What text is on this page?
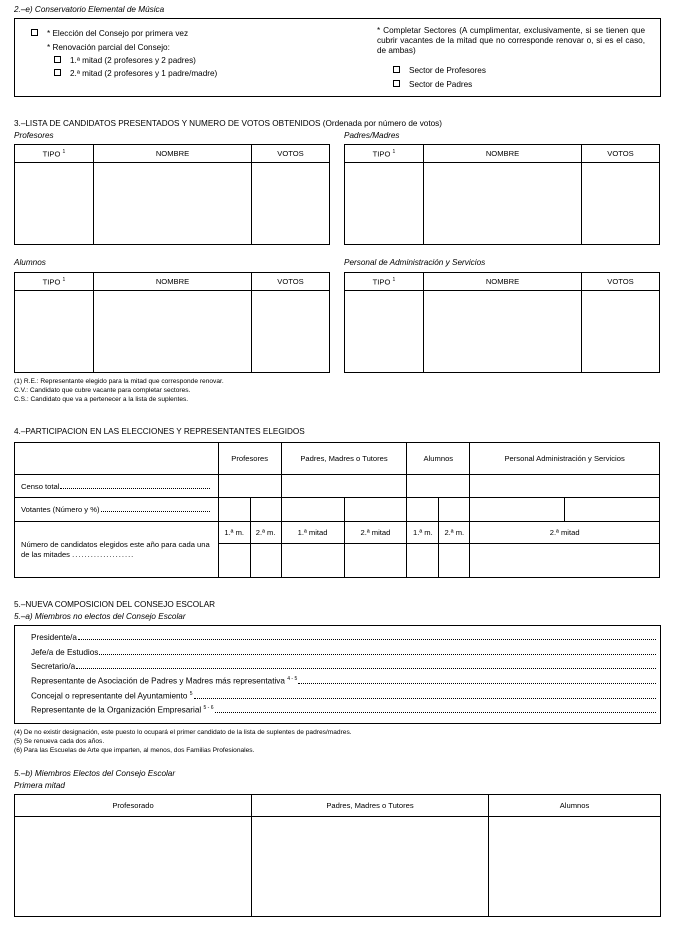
2.–e) Conservatorio Elemental de Música
* Elección del Consejo por primera vez
* Renovación parcial del Consejo:
1.ª mitad (2 profesores y 2 padres)
2.ª mitad (2 profesores y 1 padre/madre)
* Completar Sectores (A cumplimentar, exclusivamente, si se tienen que cubrir vacantes de la mitad que no corresponde renovar o, si es el caso, de ambas)
Sector de Profesores
Sector de Padres
3.–LISTA DE CANDIDATOS PRESENTADOS Y NUMERO DE VOTOS OBTENIDOS (Ordenada por número de votos)
Profesores	Padres/Madres
TIPO $^1$	NOMBRE	VOTOS
			TIPO $^1$	NOMBRE	VOTOS

Alumnos	Personal de Administración y Servicios
TIPO $^1$	NOMBRE	VOTOS
			TIPO $^1$	NOMBRE	VOTOS

(1) R.E.: Representante elegido para la mitad que corresponde renovar.
C.V.: Candidato que cubre vacante para completar sectores.
C.S.: Candidato que va a pertenecer a la lista de suplentes.
4.–PARTICIPACION EN LAS ELECCIONES Y REPRESENTANTES ELEGIDOS
	Profesores		Padres, Madres o Tutores		Alumnos		Personal Administración y Servicios	

Censo total								

Votantes (Número y %)								

Número de candidatos elegidos este año para cada una de las mitades ....................	1.ª m.	2.ª m.	1.ª mitad	2.ª mitad	1.ª m.	2.ª m.	2.ª mitad	

5.–NUEVA COMPOSICION DEL CONSEJO ESCOLAR
5.–a) Miembros no electos del Consejo Escolar
Presidente/a
Jefe/a de Estudios
Secretario/a
Representante de Asociación de Padres y Madres más representativa $^{4 - 5}$
Concejal o representante del Ayuntamiento $^5$
Representante de la Organización Empresarial $^{5 - 6}$
(4) De no existir designación, este puesto lo ocupará el primer candidato de la lista de suplentes de padres/madres.
(5) Se renueva cada dos años.
(6) Para las Escuelas de Arte que imparten, al menos, dos Familias Profesionales.
5.–b) Miembros Electos del Consejo Escolar
Primera mitad
Profesorado	Padres, Madres o Tutores	Alumnos
